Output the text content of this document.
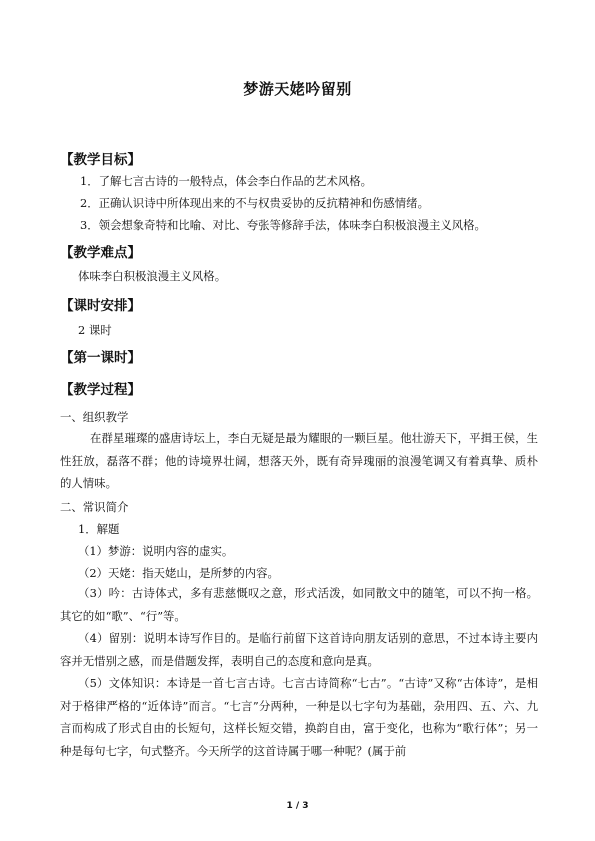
梦游天姥吟留别
【教学目标】
1．了解七言古诗的一般特点，体会李白作品的艺术风格。
2．正确认识诗中所体现出来的不与权贵妥协的反抗精神和伤感情绪。
3．领会想象奇特和比喻、对比、夸张等修辞手法，体味李白积极浪漫主义风格。
【教学难点】
体味李白积极浪漫主义风格。
【课时安排】
2 课时
【第一课时】
【教学过程】
一、组织教学
在群星璀璨的盛唐诗坛上，李白无疑是最为耀眼的一颗巨星。他壮游天下，平揖王侯，生性狂放，磊落不群；他的诗境界壮阔，想落天外，既有奇异瑰丽的浪漫笔调又有着真挚、质朴的人情味。
二、常识简介
1．解题
（1）梦游：说明内容的虚实。
（2）天姥：指天姥山，是所梦的内容。
（3）吟：古诗体式，多有悲慈慨叹之意，形式活泼，如同散文中的随笔，可以不拘一格。其它的如“歌”、“行”等。
（4）留别：说明本诗写作目的。是临行前留下这首诗向朋友话别的意思，不过本诗主要内容并无惜别之感，而是借题发挥，表明自己的态度和意向是真。
（5）文体知识：本诗是一首七言古诗。七言古诗简称“七古”。“古诗”又称“古体诗”，是相对于格律严格的“近体诗”而言。“七言”分两种，一种是以七字句为基础，杂用四、五、六、九言而构成了形式自由的长短句，这样长短交错，换韵自由，富于变化，也称为“歌行体”；另一种是每句七字，句式整齐。今天所学的这首诗属于哪一种呢？(属于前
1 / 3
